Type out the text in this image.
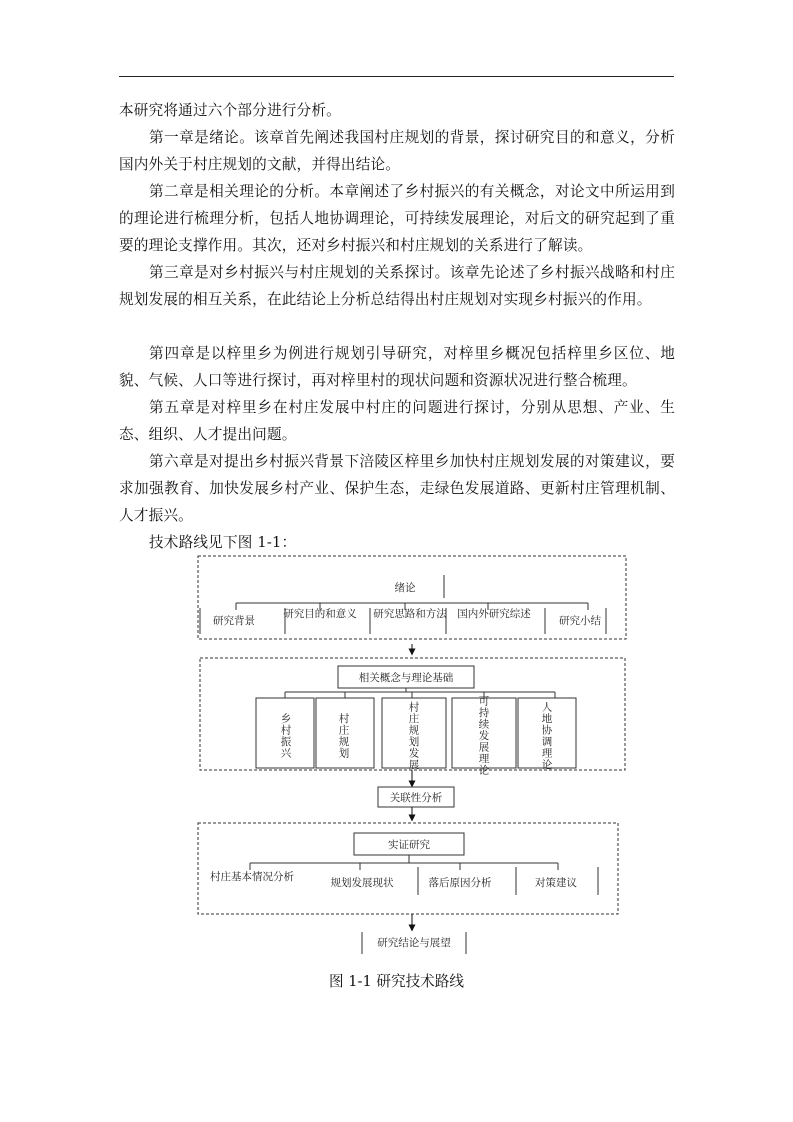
本研究将通过六个部分进行分析。

第一章是绪论。该章首先阐述我国村庄规划的背景，探讨研究目的和意义，分析国内外关于村庄规划的文献，并得出结论。

第二章是相关理论的分析。本章阐述了乡村振兴的有关概念，对论文中所运用到的理论进行梳理分析，包括人地协调理论，可持续发展理论，对后文的研究起到了重要的理论支撑作用。其次，还对乡村振兴和村庄规划的关系进行了解读。

第三章是对乡村振兴与村庄规划的关系探讨。该章先论述了乡村振兴战略和村庄规划发展的相互关系，在此结论上分析总结得出村庄规划对实现乡村振兴的作用。

第四章是以梓里乡为例进行规划引导研究，对梓里乡概况包括梓里乡区位、地貌、气候、人口等进行探讨，再对梓里村的现状问题和资源状况进行整合梳理。

第五章是对梓里乡在村庄发展中村庄的问题进行探讨，分别从思想、产业、生态、组织、人才提出问题。

第六章是对提出乡村振兴背景下涪陵区梓里乡加快村庄规划发展的对策建议，要求加强教育、加快发展乡村产业、保护生态，走绿色发展道路、更新村庄管理机制、人才振兴。

技术路线见下图 1-1：

绪论
研究背景
研究目的和意义 研究思路和方法 国内外研究综述
研究小结
相关概念与理论基础
乡
村
振
兴
村
庄
规
划
村
庄
规
划
发
展
可
持
续
发
展
理
论
人
地
协
调
理
论
关联性分析
实证研究
村庄基本情况分析	规划发展现状	落后原因分析	对策建议
研究结论与展望
图 1-1 研究技术路线
